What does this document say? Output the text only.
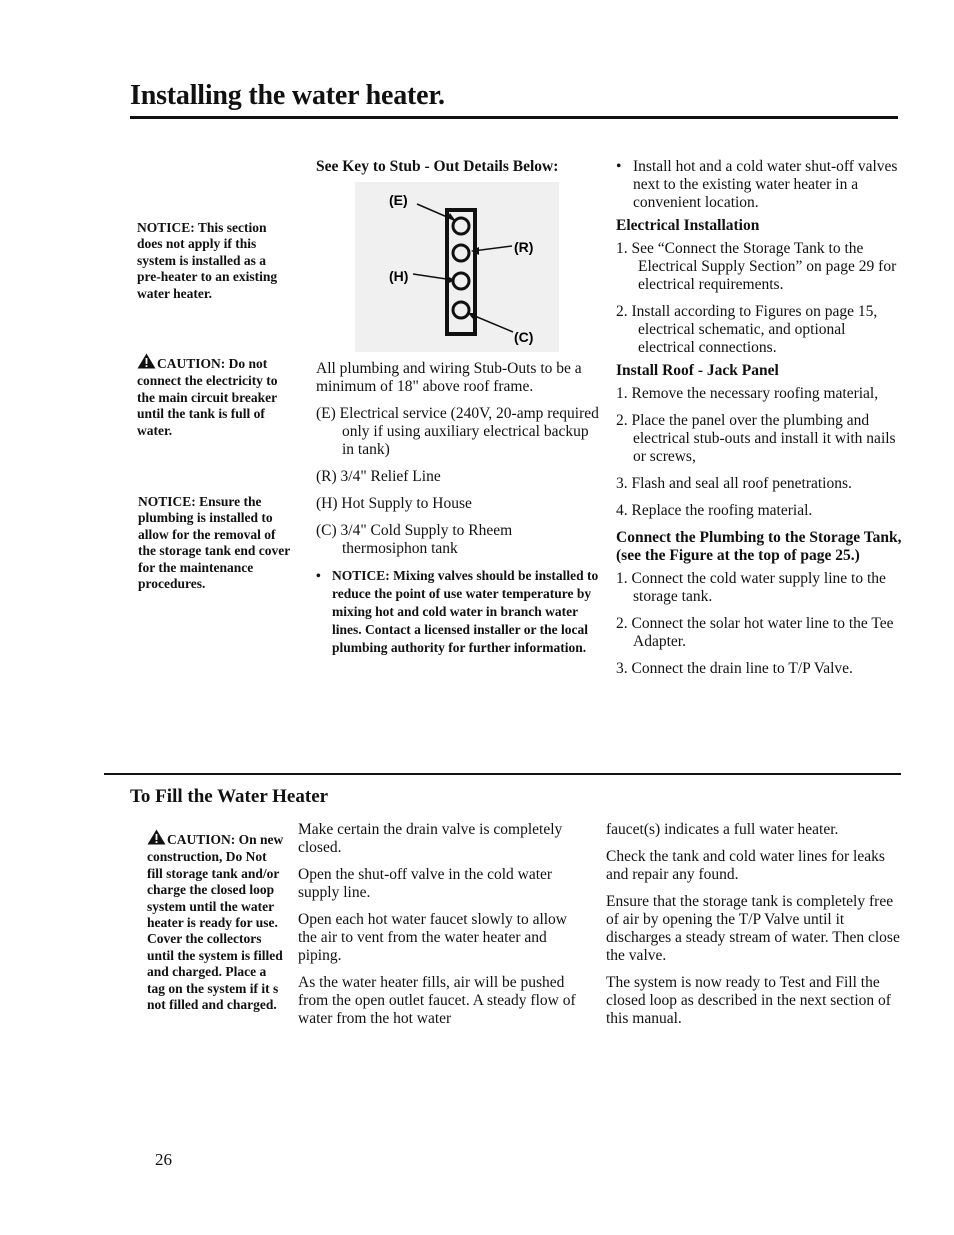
Installing the water heater.
NOTICE: This section does not apply if this system is installed as a pre-heater to an existing water heater.
CAUTION: Do not connect the electricity to the main circuit breaker until the tank is full of water.
NOTICE: Ensure the plumbing is installed to allow for the removal of the storage tank end cover for the maintenance procedures.
See Key to Stub - Out Details Below:
(E)
(R)
(H)
(C)

All plumbing and wiring Stub-Outs to be a minimum of 18" above roof frame.

(E) Electrical service (240V, 20-amp required only if using auxiliary electrical backup in tank)

(R) 3/4" Relief Line

(H) Hot Supply to House

(C) 3/4" Cold Supply to Rheem thermosiphon tank

• NOTICE: Mixing valves should be installed to reduce the point of use water temperature by mixing hot and cold water in branch water lines. Contact a licensed installer or the local plumbing authority for further information.

• Install hot and a cold water shut-off valves next to the existing water heater in a convenient location.

Electrical Installation

1. See “Connect the Storage Tank to the Electrical Supply Section” on page 29 for electrical requirements.

2. Install according to Figures on page 15, electrical schematic, and optional electrical connections.

Install Roof - Jack Panel

1. Remove the necessary roofing material,

2. Place the panel over the plumbing and electrical stub-outs and install it with nails or screws,

3. Flash and seal all roof penetrations.

4. Replace the roofing material.

Connect the Plumbing to the Storage Tank, (see the Figure at the top of page 25.)

1. Connect the cold water supply line to the storage tank.

2. Connect the solar hot water line to the Tee Adapter.

3. Connect the drain line to T/P Valve.

To Fill the Water Heater
CAUTION: On new construction, Do Not fill storage tank and/or charge the closed loop system until the water heater is ready for use. Cover the collectors until the system is filled and charged. Place a tag on the system if it s not filled and charged.

Make certain the drain valve is completely closed.

Open the shut-off valve in the cold water supply line.

Open each hot water faucet slowly to allow the air to vent from the water heater and piping.

As the water heater fills, air will be pushed from the open outlet faucet. A steady flow of water from the hot water

faucet(s) indicates a full water heater.

Check the tank and cold water lines for leaks and repair any found.

Ensure that the storage tank is completely free of air by opening the T/P Valve until it discharges a steady stream of water. Then close the valve.

The system is now ready to Test and Fill the closed loop as described in the next section of this manual.

26
